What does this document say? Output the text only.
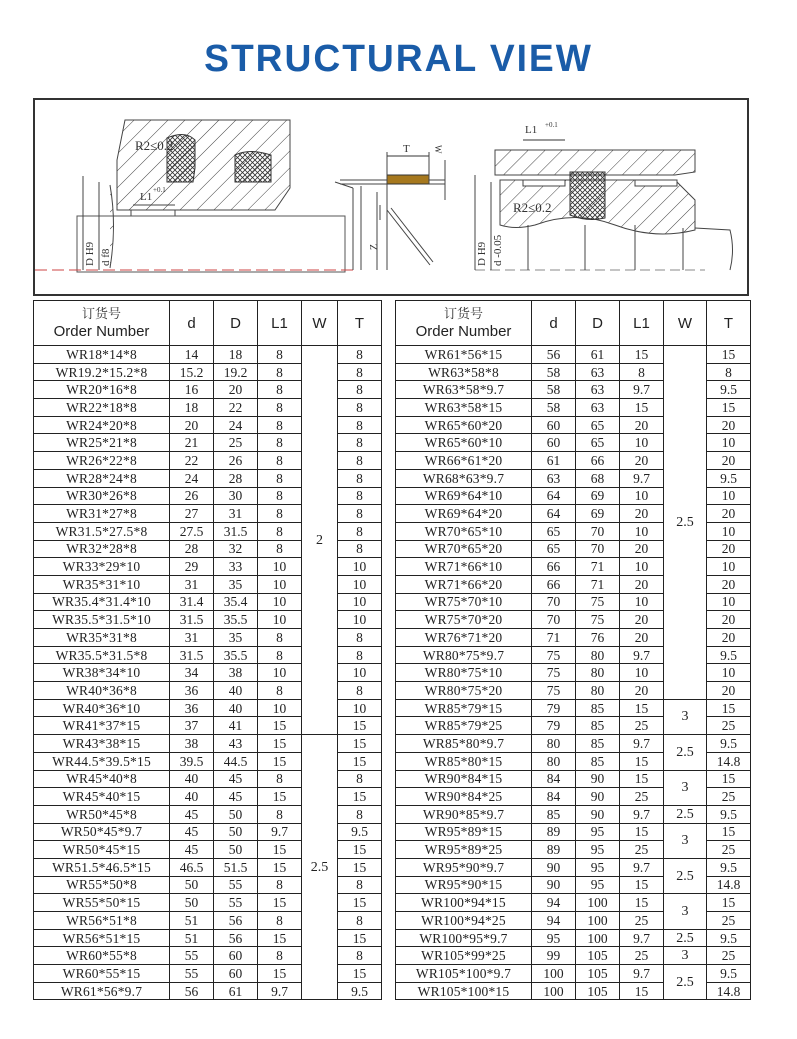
STRUCTURAL VIEW
R2≤0.2
L1
+0.1
D H9 d f8
T	W
Z
L1 +0.1
R2≤0.2
D H9 d -0.05
订货号
Order Number	d	D	L1	W	T
WR18*14*8	14	18	8	2	8
WR19.2*15.2*8	15.2	19.2	8		8
WR20*16*8	16	20	8		8
WR22*18*8	18	22	8		8
WR24*20*8	20	24	8		8
WR25*21*8	21	25	8		8
WR26*22*8	22	26	8		8
WR28*24*8	24	28	8		8
WR30*26*8	26	30	8		8
WR31*27*8	27	31	8		8
WR31.5*27.5*8	27.5	31.5	8		8
WR32*28*8	28	32	8		8
WR33*29*10	29	33	10		10
WR35*31*10	31	35	10		10
WR35.4*31.4*10	31.4	35.4	10		10
WR35.5*31.5*10	31.5	35.5	10		10
WR35*31*8	31	35	8		8
WR35.5*31.5*8	31.5	35.5	8		8
WR38*34*10	34	38	10		10
WR40*36*8	36	40	8		8
WR40*36*10	36	40	10		10
WR41*37*15	37	41	15		15
WR43*38*15	38	43	15	2.5	15
WR44.5*39.5*15	39.5	44.5	15		15
WR45*40*8	40	45	8		8
WR45*40*15	40	45	15		15
WR50*45*8	45	50	8		8
WR50*45*9.7	45	50	9.7		9.5
WR50*45*15	45	50	15		15
WR51.5*46.5*15	46.5	51.5	15		15
WR55*50*8	50	55	8		8
WR55*50*15	50	55	15		15
WR56*51*8	51	56	8		8
WR56*51*15	51	56	15		15
WR60*55*8	55	60	8		8
WR60*55*15	55	60	15		15
WR61*56*9.7	56	61	9.7		9.5
订货号
Order Number	d	D	L1	W	T
WR61*56*15	56	61	15	2.5	15
WR63*58*8	58	63	8		8
WR63*58*9.7	58	63	9.7		9.5
WR63*58*15	58	63	15		15
WR65*60*20	60	65	20		20
WR65*60*10	60	65	10		10
WR66*61*20	61	66	20		20
WR68*63*9.7	63	68	9.7		9.5
WR69*64*10	64	69	10		10
WR69*64*20	64	69	20		20
WR70*65*10	65	70	10		10
WR70*65*20	65	70	20		20
WR71*66*10	66	71	10		10
WR71*66*20	66	71	20		20
WR75*70*10	70	75	10		10
WR75*70*20	70	75	20		20
WR76*71*20	71	76	20		20
WR80*75*9.7	75	80	9.7		9.5
WR80*75*10	75	80	10		10
WR80*75*20	75	80	20		20
WR85*79*15	79	85	15	3	15
WR85*79*25	79	85	25		25
WR85*80*9.7	80	85	9.7	2.5	9.5
WR85*80*15	80	85	15		14.8
WR90*84*15	84	90	15	3	15
WR90*84*25	84	90	25		25
WR90*85*9.7	85	90	9.7	2.5	9.5
WR95*89*15	89	95	15	3	15
WR95*89*25	89	95	25		25
WR95*90*9.7	90	95	9.7	2.5	9.5
WR95*90*15	90	95	15		14.8
WR100*94*15	94	100	15	3	15
WR100*94*25	94	100	25		25
WR100*95*9.7	95	100	9.7	2.5	9.5
WR105*99*25	99	105	25	3	25
WR105*100*9.7	100	105	9.7	2.5	9.5
WR105*100*15	100	105	15		14.8
